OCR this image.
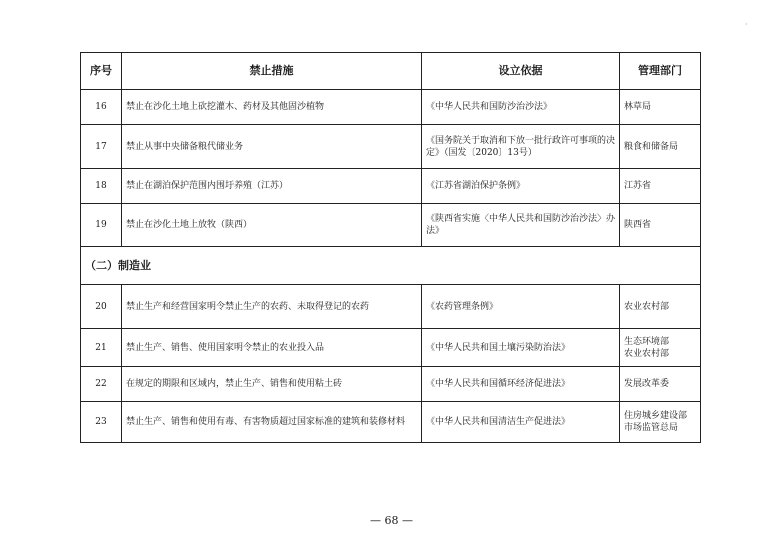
·
序号	禁止措施	设立依据	管理部门
16	禁止在沙化土地上砍挖灌木、药材及其他固沙植物	《中华人民共和国防沙治沙法》	林草局

17	禁止从事中央储备粮代储业务	《国务院关于取消和下放一批行政许可事项的决定》（国发〔2020〕13号）	粮食和储备局

18	禁止在湖泊保护范围内围圩养殖（江苏）	《江苏省湖泊保护条例》	江苏省

19	禁止在沙化土地上放牧（陕西）	《陕西省实施〈中华人民共和国防沙治沙法〉办法》	陕西省

（二）制造业			
20	禁止生产和经营国家明令禁止生产的农药、未取得登记的农药	《农药管理条例》	农业农村部

21	禁止生产、销售、使用国家明令禁止的农业投入品	《中华人民共和国土壤污染防治法》	生态环境部
农业农村部

22	在规定的期限和区域内，禁止生产、销售和使用粘土砖	《中华人民共和国循环经济促进法》	发展改革委

23	禁止生产、销售和使用有毒、有害物质超过国家标准的建筑和装修材料	《中华人民共和国清洁生产促进法》	住房城乡建设部
市场监管总局
— 68 —
